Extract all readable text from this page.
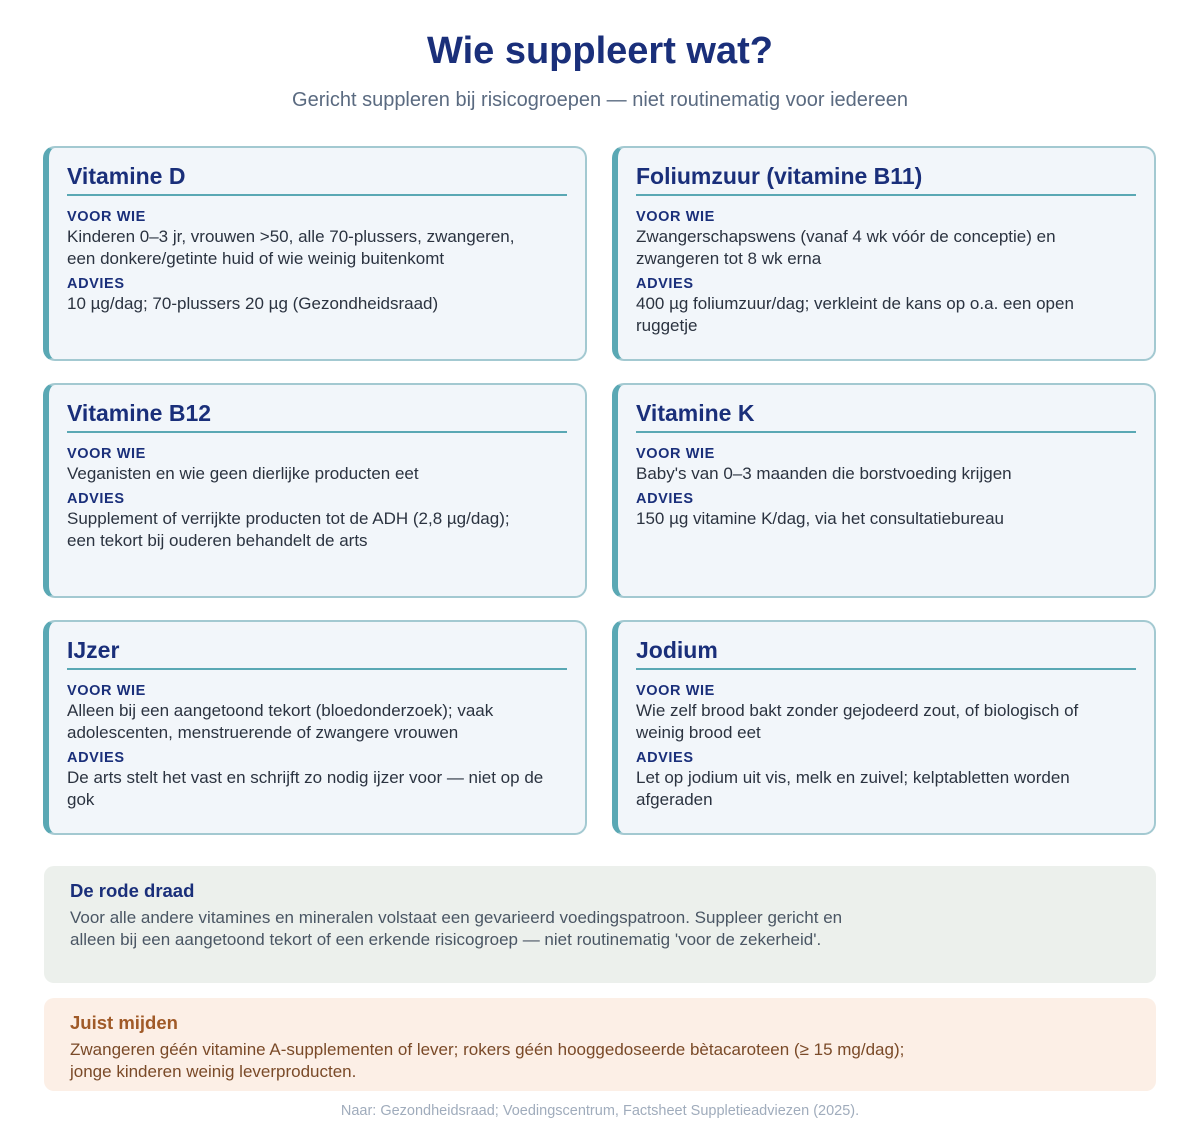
Wie suppleert wat?
Gericht suppleren bij risicogroepen — niet routinematig voor iedereen
Vitamine D
VOOR WIE
Kinderen 0–3 jr, vrouwen >50, alle 70-plussers, zwangeren, een donkere/getinte huid of wie weinig buitenkomt
ADVIES
10 µg/dag; 70-plussers 20 µg (Gezondheidsraad)
Foliumzuur (vitamine B11)
VOOR WIE
Zwangerschapswens (vanaf 4 wk vóór de conceptie) en zwangeren tot 8 wk erna
ADVIES
400 µg foliumzuur/dag; verkleint de kans op o.a. een open ruggetje
Vitamine B12
VOOR WIE
Veganisten en wie geen dierlijke producten eet
ADVIES
Supplement of verrijkte producten tot de ADH (2,8 µg/dag); een tekort bij ouderen behandelt de arts
Vitamine K
VOOR WIE
Baby's van 0–3 maanden die borstvoeding krijgen
ADVIES
150 µg vitamine K/dag, via het consultatiebureau
IJzer
VOOR WIE
Alleen bij een aangetoond tekort (bloedonderzoek); vaak adolescenten, menstruerende of zwangere vrouwen
ADVIES
De arts stelt het vast en schrijft zo nodig ijzer voor — niet op de gok
Jodium
VOOR WIE
Wie zelf brood bakt zonder gejodeerd zout, of biologisch of weinig brood eet
ADVIES
Let op jodium uit vis, melk en zuivel; kelptabletten worden afgeraden
De rode draad

Voor alle andere vitamines en mineralen volstaat een gevarieerd voedingspatroon. Suppleer gericht en alleen bij een aangetoond tekort of een erkende risicogroep — niet routinematig 'voor de zekerheid'.

Juist mijden

Zwangeren géén vitamine A-supplementen of lever; rokers géén hooggedoseerde bètacaroteen (≥ 15 mg/dag); jonge kinderen weinig leverproducten.

Naar: Gezondheidsraad; Voedingscentrum, Factsheet Suppletieadviezen (2025).
